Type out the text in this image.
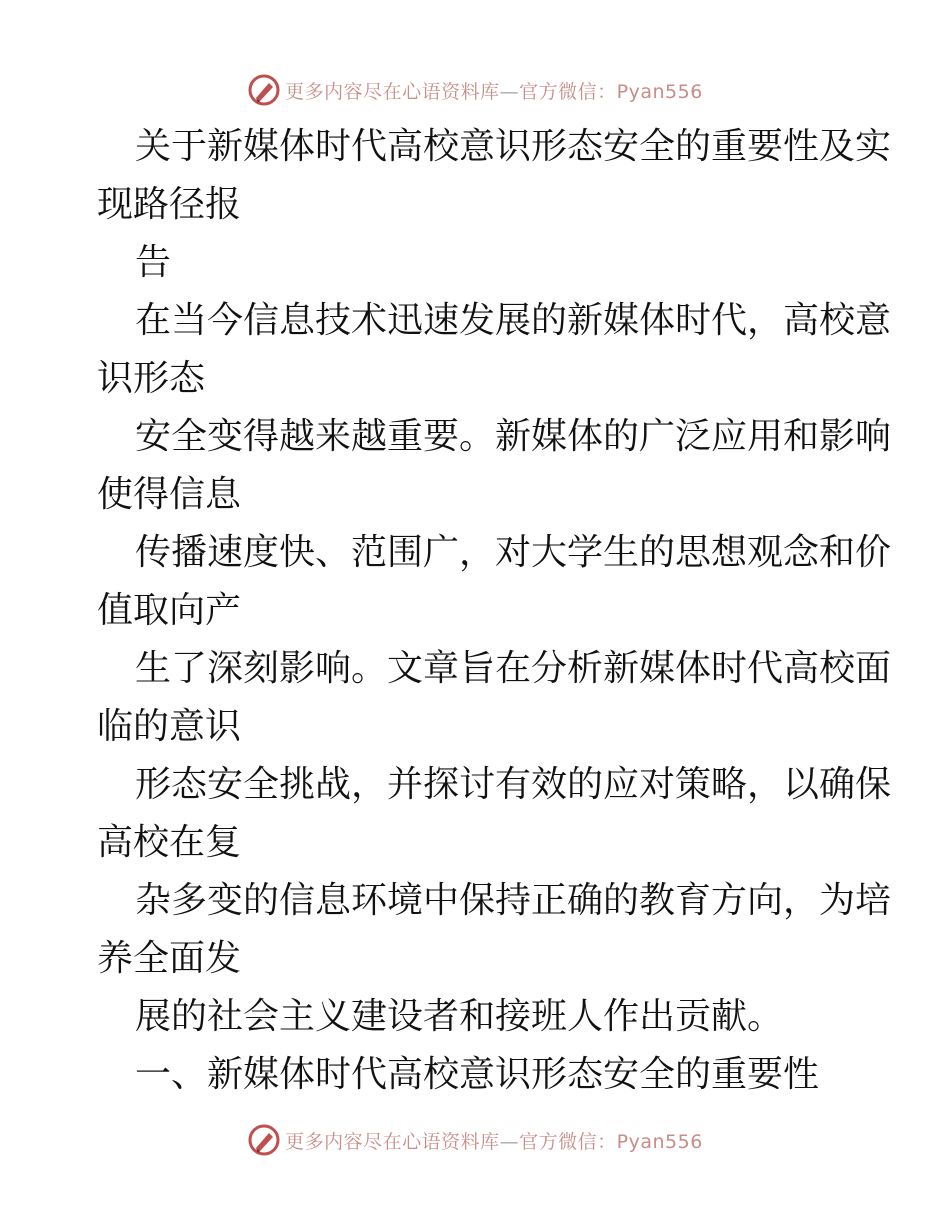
更多内容尽在心语资料库—官方微信：Pyan556

关于新媒体时代高校意识形态安全的重要性及实
现路径报

告

在当今信息技术迅速发展的新媒体时代，高校意
识形态

安全变得越来越重要。新媒体的广泛应用和影响
使得信息

传播速度快、范围广，对大学生的思想观念和价
值取向产

生了深刻影响。文章旨在分析新媒体时代高校面
临的意识

形态安全挑战，并探讨有效的应对策略，以确保
高校在复

杂多变的信息环境中保持正确的教育方向，为培
养全面发

展的社会主义建设者和接班人作出贡献。

一、新媒体时代高校意识形态安全的重要性

更多内容尽在心语资料库—官方微信：Pyan556
